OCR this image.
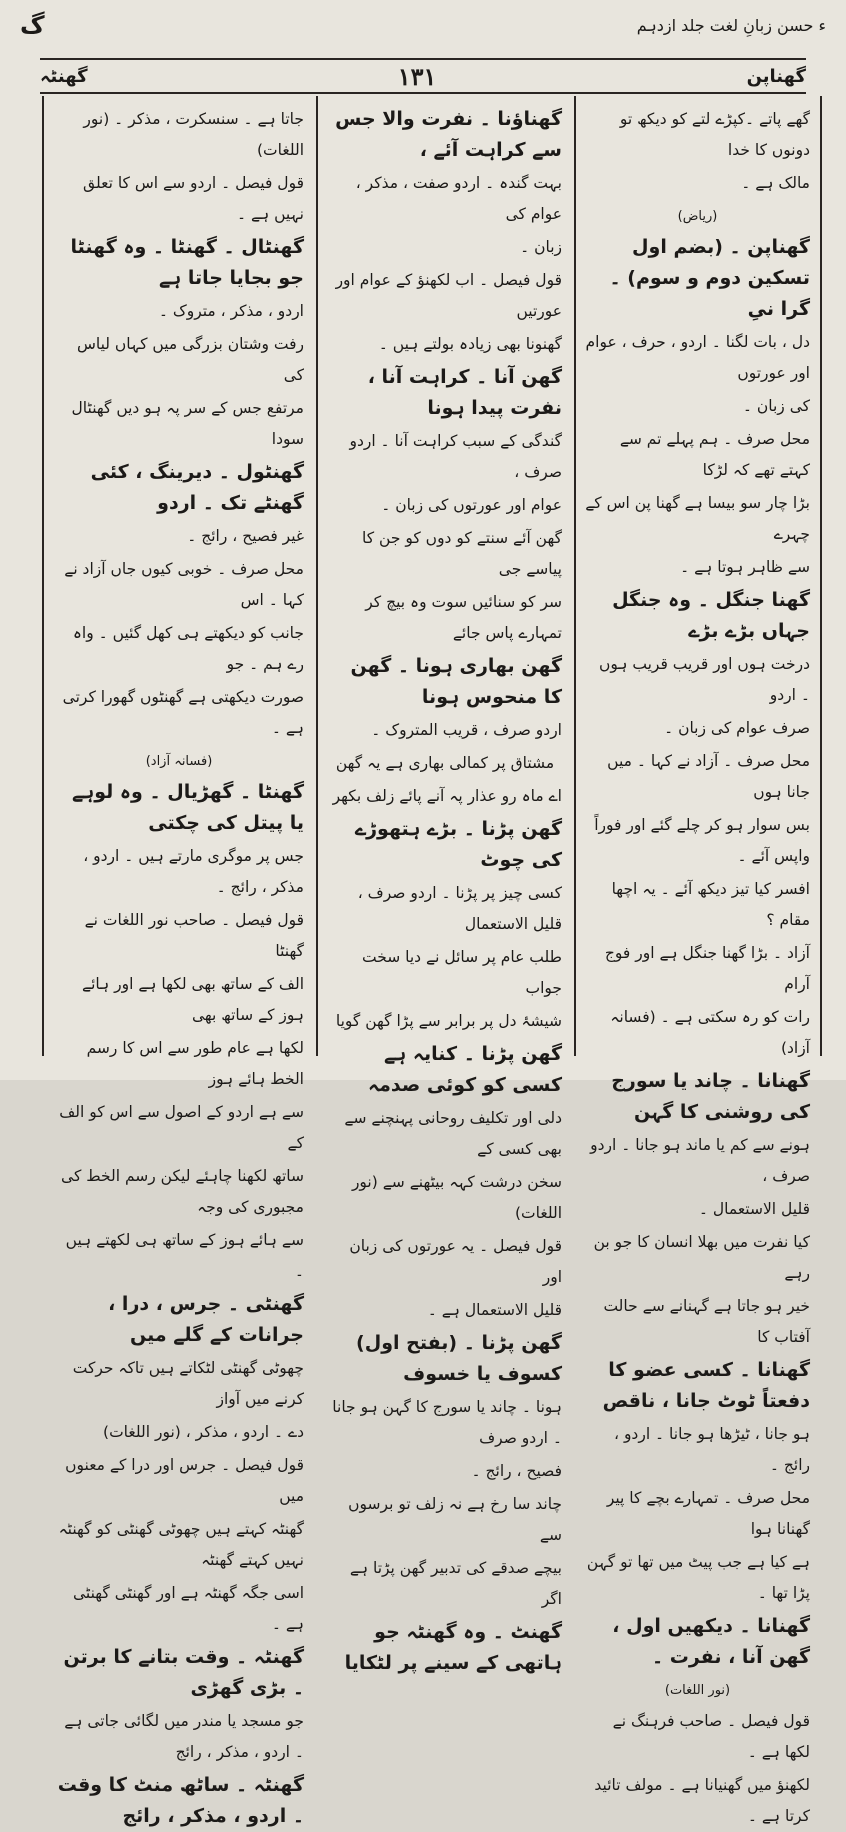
ء حسن زبانِ لغت جلد ازدہم
گ
گھناپن
۱۳۱
گھنٹہ
گھے پاتے ۔کپڑے لتے کو دیکھ تو دونوں کا خدا
مالک ہے ۔
(ریاض)
گھناپن ۔ (بضم اول تسکین دوم و سوم) ۔ گرا نیِ
دل ، بات لگنا ۔ اردو ، حرف ، عوام اور عورتوں
کی زبان ۔
محل صرف ۔ ہم پہلے تم سے کہتے تھے کہ لڑکا
بڑا چار سو بیسا ہے گھنا پن اس کے چہرے
سے ظاہر ہوتا ہے ۔
گھنا جنگل ۔ وہ جنگل جہاں بڑے بڑے
درخت ہوں اور قریب قریب ہوں ۔ اردو
صرف عوام کی زبان ۔
محل صرف ۔ آزاد نے کہا ۔ میں جانا ہوں
بس سوار ہو کر چلے گئے اور فوراً واپس آئے ۔
افسر کیا تیز دیکھ آئے ۔ یہ اچھا مقام ؟
آزاد ۔ بڑا گھنا جنگل ہے اور فوج آرام
رات کو رہ سکتی ہے ۔ (فسانہ آزاد)
گھنانا ۔ چاند یا سورج کی روشنی کا گہن
ہونے سے کم یا ماند ہو جانا ۔ اردو صرف ،
قلیل الاستعمال ۔
کیا نفرت میں بھلا انسان کا جو بن رہے
خیر ہو جاتا ہے گہنانے سے حالت آفتاب کا
گھنانا ۔ کسی عضو کا دفعتاً ٹوٹ جانا ، ناقص
ہو جانا ، ٹیڑھا ہو جانا ۔ اردو ، رائج ۔
محل صرف ۔ تمہارے بچے کا پیر گھنانا ہوا
ہے کیا ہے جب پیٹ میں تھا تو گہن پڑا تھا ۔
گھنانا ۔ دیکھیں اول ، گھن آنا ، نفرت ۔
(نور اللغات)
قول فیصل ۔ صاحب فرہنگ نے لکھا ہے ۔
لکھنؤ میں گھنیانا ہے ۔ مولف تائید کرتا ہے ۔
گھناؤنا ۔ نفرت والا جس سے کراہت آئے ،
بہت گندہ ۔ اردو صفت ، مذکر ، عوام کی
زبان ۔
قول فیصل ۔ اب لکھنؤ کے عوام اور عورتیں
گھنونا بھی زیادہ بولتے ہیں ۔
گھن آنا ۔ کراہت آنا ، نفرت پیدا ہونا
گندگی کے سبب کراہت آنا ۔ اردو صرف ،
عوام اور عورتوں کی زبان ۔
گھن آئے سنتے کو دوں کو جن کا پیاسے جی
سر کو سنائیں سوت وہ بیچ کر تمہارے پاس جائے
گھن بھاری ہونا ۔ گھن کا منحوس ہونا
اردو صرف ، قریب المتروک ۔
مشتاق پر کمالی بھاری ہے یہ گھن
اے ماہ رو عذار پہ آنے پائے زلف بکھر
گھن پڑنا ۔ بڑے ہتھوڑے کی چوٹ
کسی چیز پر پڑنا ۔ اردو صرف ، قلیل الاستعمال
طلب عام پر سائل نے دیا سخت جواب
شیشۂ دل پر برابر سے پڑا گھن گویا
گھن پڑنا ۔ کنایہ ہے کسی کو کوئی صدمہ
دلی اور تکلیف روحانی پہنچنے سے بھی کسی کے
سخن درشت کہہ بیٹھنے سے (نور اللغات)
قول فیصل ۔ یہ عورتوں کی زبان اور
قلیل الاستعمال ہے ۔
گھن پڑنا ۔ (بفتح اول) کسوف یا خسوف
ہونا ۔ چاند یا سورج کا گہن ہو جانا ۔ اردو صرف
فصیح ، رائج ۔
چاند سا رخ ہے نہ زلف تو برسوں سے
بیچے صدقے کی تدبیر گھن پڑتا ہے اگر
گھنٹ ۔ وہ گھنٹہ جو ہاتھی کے سینے پر لٹکایا
جاتا ہے ۔ سنسکرت ، مذکر ۔ (نور اللغات)
قول فیصل ۔ اردو سے اس کا تعلق نہیں ہے ۔
گھنٹال ۔ گھنٹا ۔ وہ گھنٹا جو بجایا جاتا ہے
اردو ، مذکر ، متروک ۔
رفت وشتان بزرگی میں کہاں لیاس کی
مرتفع جس کے سر پہ ہو دیں گھنٹال سودا
گھنٹول ۔ دیرینگ ، کئی گھنٹے تک ۔ اردو
غیر فصیح ، رائج ۔
محل صرف ۔ خوبی کیوں جاں آزاد نے کہا ۔ اس
جانب کو دیکھتے ہی کھل گئیں ۔ واہ رے ہم ۔ جو
صورت دیکھتی ہے گھنٹوں گھورا کرتی ہے ۔
(فسانہ آزاد)
گھنٹا ۔ گھڑیال ۔ وہ لوہے یا پیتل کی چکتی
جس پر موگری مارتے ہیں ۔ اردو ، مذکر ، رائج ۔
قول فیصل ۔ صاحب نور اللغات نے گھنٹا
الف کے ساتھ بھی لکھا ہے اور ہائے ہوز کے ساتھ بھی
لکھا ہے عام طور سے اس کا رسم الخط ہائے ہوز
سے ہے اردو کے اصول سے اس کو الف کے
ساتھ لکھنا چاہئے لیکن رسم الخط کی مجبوری کی وجہ
سے ہائے ہوز کے ساتھ ہی لکھتے ہیں ۔
گھنٹی ۔ جرس ، درا ، جرانات کے گلے میں
چھوٹی گھنٹی لٹکاتے ہیں تاکہ حرکت کرنے میں آواز
دے ۔ اردو ، مذکر ، (نور اللغات)
قول فیصل ۔ جرس اور درا کے معنوں میں
گھنٹہ کہتے ہیں چھوٹی گھنٹی کو گھنٹہ نہیں کہتے گھنٹہ
اسی جگہ گھنٹہ ہے اور گھنٹی گھنٹی ہے ۔
گھنٹہ ۔ وقت بتانے کا برتن ۔ بڑی گھڑی
جو مسجد یا مندر میں لگائی جاتی ہے ۔ اردو ، مذکر ، رائج
گھنٹہ ۔ ساٹھ منٹ کا وقت ۔ اردو ، مذکر ، رائج
